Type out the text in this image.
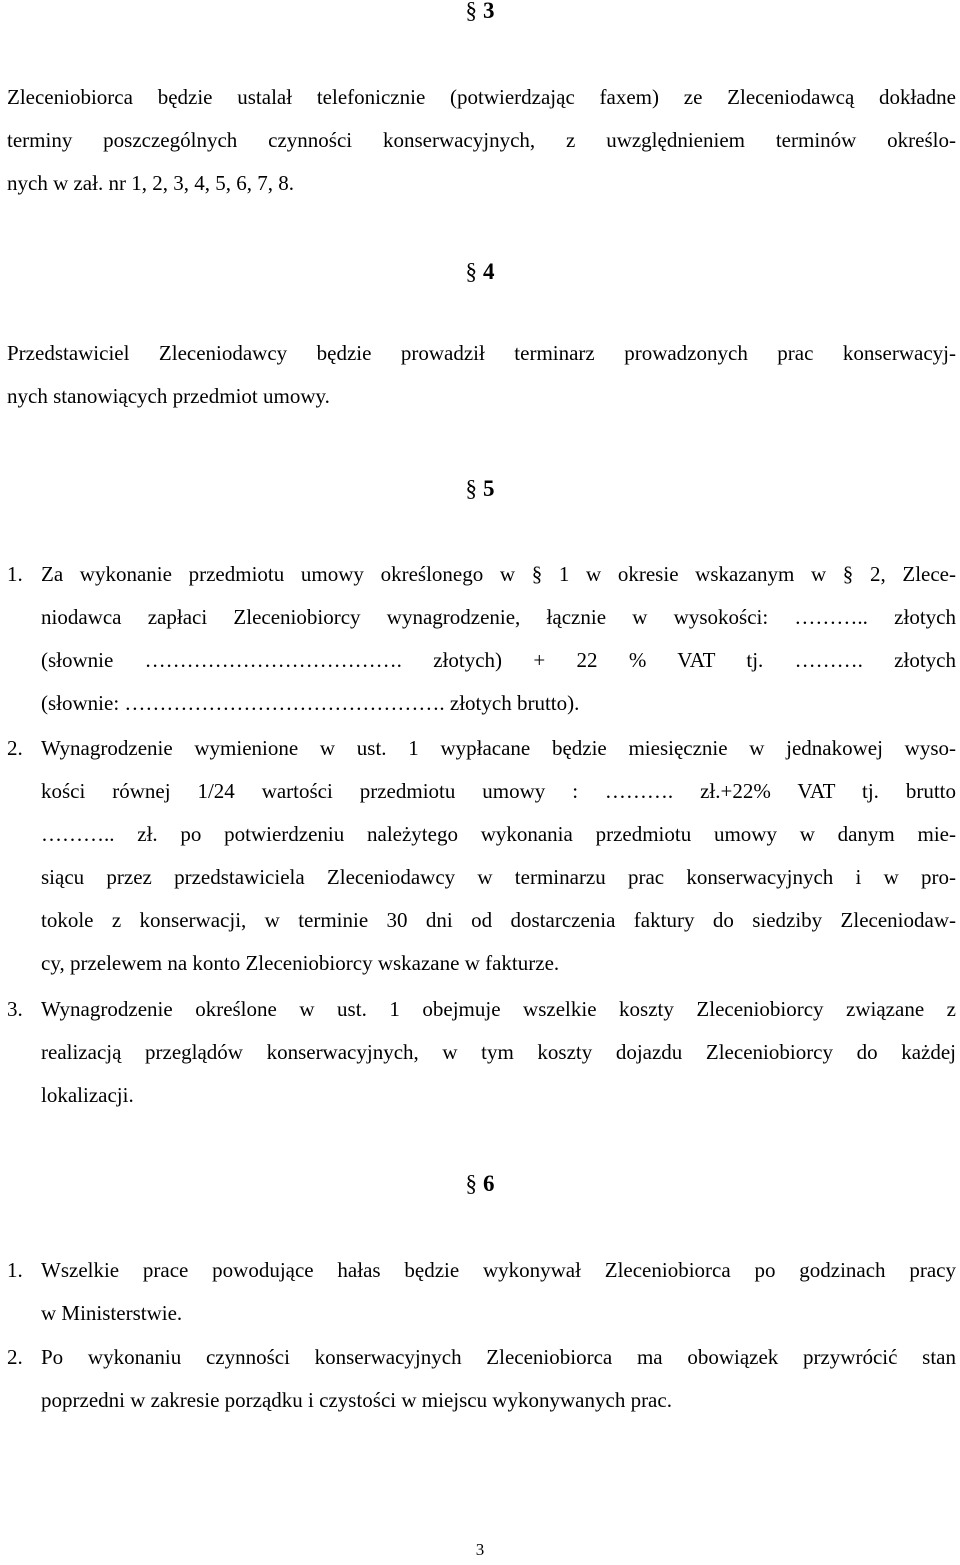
§ 3
Zleceniobiorca będzie ustalał telefonicznie (potwierdzając faxem) ze Zleceniodawcą dokładne
terminy poszczególnych czynności konserwacyjnych, z uwzględnieniem terminów określo-
nych w zał. nr 1, 2, 3, 4, 5, 6, 7, 8.
§ 4
Przedstawiciel Zleceniodawcy będzie prowadził terminarz prowadzonych prac konserwacyj-
nych stanowiących przedmiot umowy.
§ 5
1. Za wykonanie przedmiotu umowy określonego w § 1 w okresie wskazanym w § 2, Zlece-
niodawca zapłaci Zleceniobiorcy wynagrodzenie, łącznie w wysokości: ……….. złotych
(słownie ………………………………. złotych) + 22 % VAT tj. ………. złotych
(słownie: ………………………………………. złotych brutto).
2. Wynagrodzenie wymienione w ust. 1 wypłacane będzie miesięcznie w jednakowej wyso-
kości równej 1/24 wartości przedmiotu umowy : ………. zł.+22% VAT tj. brutto
……….. zł. po potwierdzeniu należytego wykonania przedmiotu umowy w danym mie-
siącu przez przedstawiciela Zleceniodawcy w terminarzu prac konserwacyjnych i w pro-
tokole z konserwacji, w terminie 30 dni od dostarczenia faktury do siedziby Zleceniodaw-
cy, przelewem na konto Zleceniobiorcy wskazane w fakturze.
3. Wynagrodzenie określone w ust. 1 obejmuje wszelkie koszty Zleceniobiorcy związane z
realizacją przeglądów konserwacyjnych, w tym koszty dojazdu Zleceniobiorcy do każdej
lokalizacji.
§ 6
1. Wszelkie prace powodujące hałas będzie wykonywał Zleceniobiorca po godzinach pracy
w Ministerstwie.
2. Po wykonaniu czynności konserwacyjnych Zleceniobiorca ma obowiązek przywrócić stan
poprzedni w zakresie porządku i czystości w miejscu wykonywanych prac.
3
